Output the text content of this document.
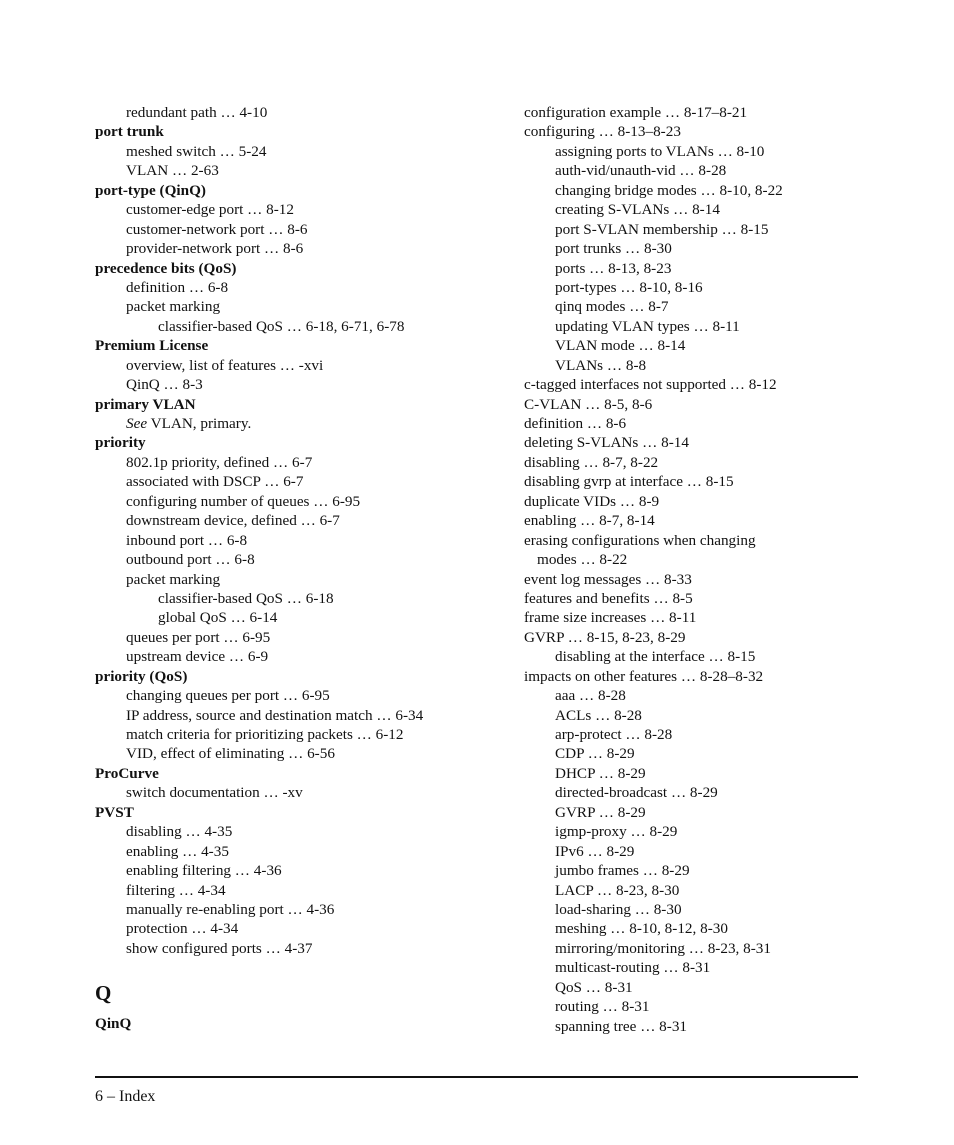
redundant path … 4-10
port trunk
meshed switch … 5-24
VLAN … 2-63
port-type (QinQ)
customer-edge port … 8-12
customer-network port … 8-6
provider-network port … 8-6
precedence bits (QoS)
definition … 6-8
packet marking
classifier-based QoS … 6-18, 6-71, 6-78
Premium License
overview, list of features … -xvi
QinQ … 8-3
primary VLAN
See VLAN, primary.
priority
802.1p priority, defined … 6-7
associated with DSCP … 6-7
configuring number of queues … 6-95
downstream device, defined … 6-7
inbound port … 6-8
outbound port … 6-8
packet marking
classifier-based QoS … 6-18
global QoS … 6-14
queues per port … 6-95
upstream device … 6-9
priority (QoS)
changing queues per port … 6-95
IP address, source and destination match … 6-34
match criteria for prioritizing packets … 6-12
VID, effect of eliminating … 6-56
ProCurve
switch documentation … -xv
PVST
disabling … 4-35
enabling … 4-35
enabling filtering … 4-36
filtering … 4-34
manually re-enabling port … 4-36
protection … 4-34
show configured ports … 4-37
Q
QinQ
configuration example … 8-17–8-21
configuring … 8-13–8-23
assigning ports to VLANs … 8-10
auth-vid/unauth-vid … 8-28
changing bridge modes … 8-10, 8-22
creating S-VLANs … 8-14
port S-VLAN membership … 8-15
port trunks … 8-30
ports … 8-13, 8-23
port-types … 8-10, 8-16
qinq modes … 8-7
updating VLAN types … 8-11
VLAN mode … 8-14
VLANs … 8-8
c-tagged interfaces not supported … 8-12
C-VLAN … 8-5, 8-6
definition … 8-6
deleting S-VLANs … 8-14
disabling … 8-7, 8-22
disabling gvrp at interface … 8-15
duplicate VIDs … 8-9
enabling … 8-7, 8-14
erasing configurations when changing
modes … 8-22
event log messages … 8-33
features and benefits … 8-5
frame size increases … 8-11
GVRP … 8-15, 8-23, 8-29
disabling at the interface … 8-15
impacts on other features … 8-28–8-32
aaa … 8-28
ACLs … 8-28
arp-protect … 8-28
CDP … 8-29
DHCP … 8-29
directed-broadcast … 8-29
GVRP … 8-29
igmp-proxy … 8-29
IPv6 … 8-29
jumbo frames … 8-29
LACP … 8-23, 8-30
load-sharing … 8-30
meshing … 8-10, 8-12, 8-30
mirroring/monitoring … 8-23, 8-31
multicast-routing … 8-31
QoS … 8-31
routing … 8-31
spanning tree … 8-31
6 – Index
